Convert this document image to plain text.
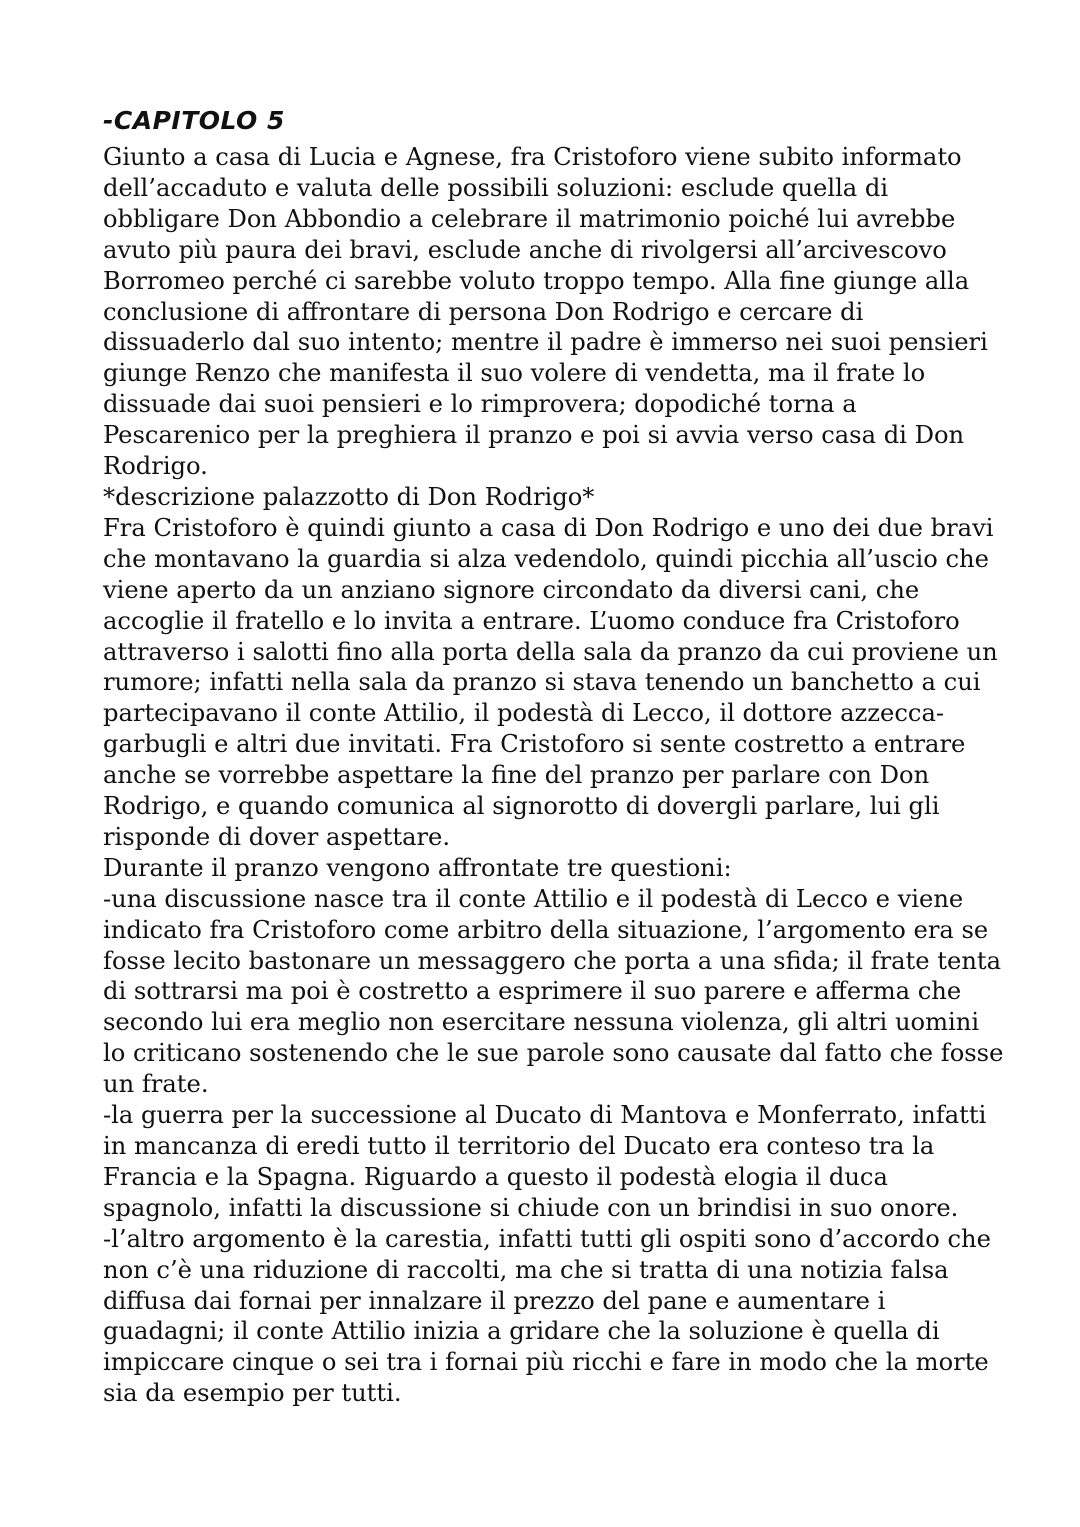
-CAPITOLO 5
Giunto a casa di Lucia e Agnese, fra Cristoforo viene subito informato
dell’accaduto e valuta delle possibili soluzioni: esclude quella di
obbligare Don Abbondio a celebrare il matrimonio poiché lui avrebbe
avuto più paura dei bravi, esclude anche di rivolgersi all’arcivescovo
Borromeo perché ci sarebbe voluto troppo tempo. Alla fine giunge alla
conclusione di affrontare di persona Don Rodrigo e cercare di
dissuaderlo dal suo intento; mentre il padre è immerso nei suoi pensieri
giunge Renzo che manifesta il suo volere di vendetta, ma il frate lo
dissuade dai suoi pensieri e lo rimprovera; dopodiché torna a
Pescarenico per la preghiera il pranzo e poi si avvia verso casa di Don
Rodrigo.
*descrizione palazzotto di Don Rodrigo*
Fra Cristoforo è quindi giunto a casa di Don Rodrigo e uno dei due bravi
che montavano la guardia si alza vedendolo, quindi picchia all’uscio che
viene aperto da un anziano signore circondato da diversi cani, che
accoglie il fratello e lo invita a entrare. L’uomo conduce fra Cristoforo
attraverso i salotti fino alla porta della sala da pranzo da cui proviene un
rumore; infatti nella sala da pranzo si stava tenendo un banchetto a cui
partecipavano il conte Attilio, il podestà di Lecco, il dottore azzecca-
garbugli e altri due invitati. Fra Cristoforo si sente costretto a entrare
anche se vorrebbe aspettare la fine del pranzo per parlare con Don
Rodrigo, e quando comunica al signorotto di dovergli parlare, lui gli
risponde di dover aspettare.
Durante il pranzo vengono affrontate tre questioni:
-una discussione nasce tra il conte Attilio e il podestà di Lecco e viene
indicato fra Cristoforo come arbitro della situazione, l’argomento era se
fosse lecito bastonare un messaggero che porta a una sfida; il frate tenta
di sottrarsi ma poi è costretto a esprimere il suo parere e afferma che
secondo lui era meglio non esercitare nessuna violenza, gli altri uomini
lo criticano sostenendo che le sue parole sono causate dal fatto che fosse
un frate.
-la guerra per la successione al Ducato di Mantova e Monferrato, infatti
in mancanza di eredi tutto il territorio del Ducato era conteso tra la
Francia e la Spagna. Riguardo a questo il podestà elogia il duca
spagnolo, infatti la discussione si chiude con un brindisi in suo onore.
-l’altro argomento è la carestia, infatti tutti gli ospiti sono d’accordo che
non c’è una riduzione di raccolti, ma che si tratta di una notizia falsa
diffusa dai fornai per innalzare il prezzo del pane e aumentare i
guadagni; il conte Attilio inizia a gridare che la soluzione è quella di
impiccare cinque o sei tra i fornai più ricchi e fare in modo che la morte
sia da esempio per tutti.
